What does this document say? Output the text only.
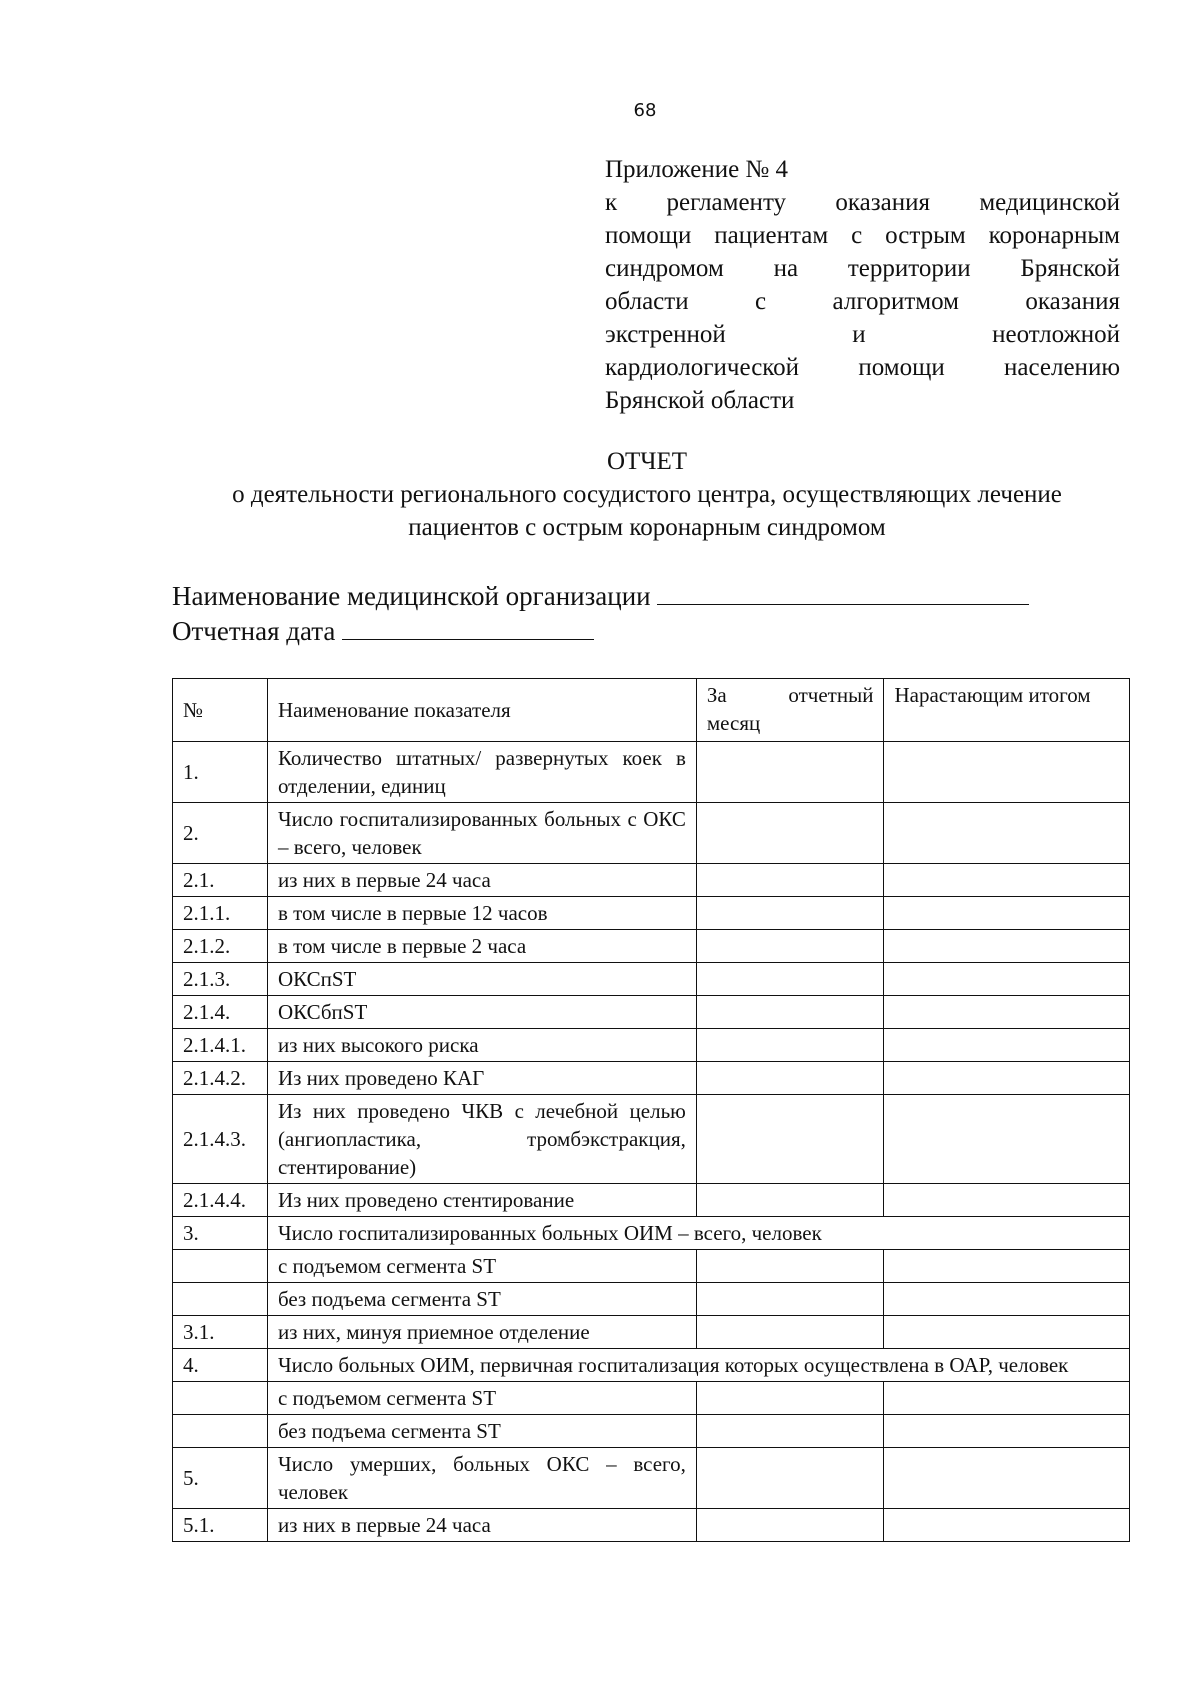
68
Приложение № 4
к регламенту оказания медицинской
помощи пациентам с острым коронарным
синдромом на территории Брянской
области с алгоритмом оказания
экстренной и неотложной
кардиологической помощи населению
Брянской области
ОТЧЕТ
о деятельности регионального сосудистого центра, осуществляющих лечение
пациентов с острым коронарным синдромом
Наименование медицинской организации
Отчетная дата
№	Наименование показателя	За отчетный месяц	Нарастающим итогом
1.	Количество штатных/ развернутых коек в отделении, единиц		
2.	Число госпитализированных больных с ОКС – всего, человек		
2.1.	из них в первые 24 часа		
2.1.1.	в том числе в первые 12 часов		
2.1.2.	в том числе в первые 2 часа		
2.1.3.	ОКСпST		
2.1.4.	ОКСбпST		
2.1.4.1.	из них высокого риска		
2.1.4.2.	Из них проведено КАГ		
2.1.4.3.	Из них проведено ЧКВ с лечебной целью (ангиопластика, тромбэкстракция, стентирование)		
2.1.4.4.	Из них проведено стентирование		
3.	Число госпитализированных больных ОИМ – всего, человек		
	с подъемом сегмента ST		
	без подъема сегмента ST		
3.1.	из них, минуя приемное отделение		
4.	Число больных ОИМ, первичная госпитализация которых осуществлена в ОАР, человек		
	с подъемом сегмента ST		
	без подъема сегмента ST		
5.	Число умерших, больных ОКС – всего, человек		
5.1.	из них в первые 24 часа		
